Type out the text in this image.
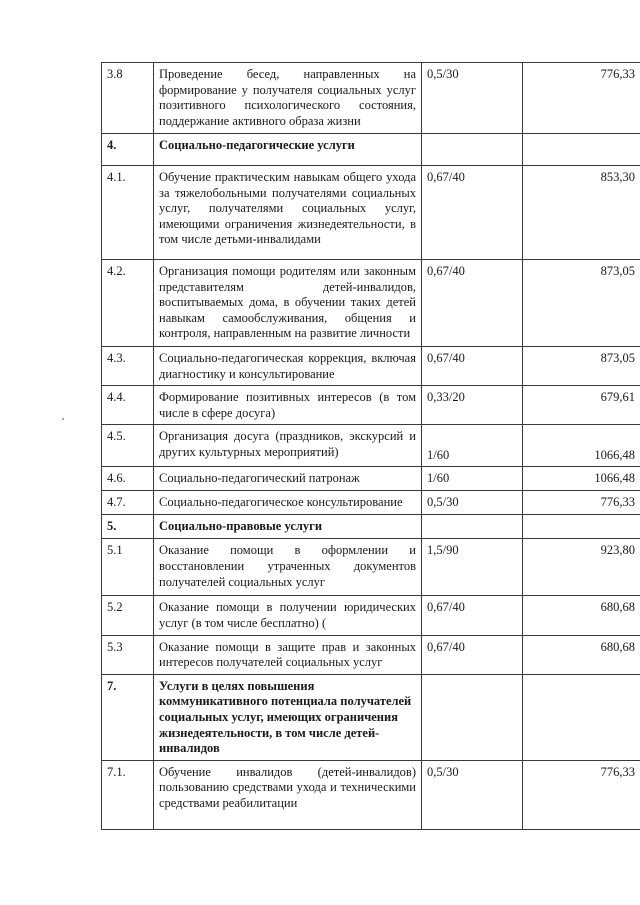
3.8	Проведение бесед, направленных на формирование у получателя социальных услуг позитивного психологического состояния, поддержание активного образа жизни	0,5/30	776,33
4.	Социально-педагогические услуги		
4.1.	Обучение практическим навыкам общего ухода за тяжелобольными получателями социальных услуг, получателями социальных услуг, имеющими ограничения жизнедеятельности, в том числе детьми-инвалидами	0,67/40	853,30
4.2.	Организация помощи родителям или законным представителям детей-инвалидов, воспитываемых дома, в обучении таких детей навыкам самообслуживания, общения и контроля, направленным на развитие личности	0,67/40	873,05
4.3.	Социально-педагогическая коррекция, включая диагностику и консультирование	0,67/40	873,05
4.4.	Формирование позитивных интересов (в том числе в сфере досуга)	0,33/20	679,61
4.5.	Организация досуга (праздников, экскурсий и других культурных мероприятий)	1/60	1066,48
4.6.	Социально-педагогический патронаж	1/60	1066,48
4.7.	Социально-педагогическое консультирование	0,5/30	776,33
5.	Социально-правовые услуги		
5.1	Оказание помощи в оформлении и восстановлении утраченных документов получателей социальных услуг	1,5/90	923,80
5.2	Оказание помощи в получении юридических услуг (в том числе бесплатно) (	0,67/40	680,68
5.3	Оказание помощи в защите прав и законных интересов получателей социальных услуг	0,67/40	680,68
7.	Услуги в целях повышения коммуникативного потенциала получателей социальных услуг, имеющих ограничения жизнедеятельности, в том числе детей-инвалидов		
7.1.	Обучение инвалидов (детей-инвалидов) пользованию средствами ухода и техническими средствами реабилитации	0,5/30	776,33
